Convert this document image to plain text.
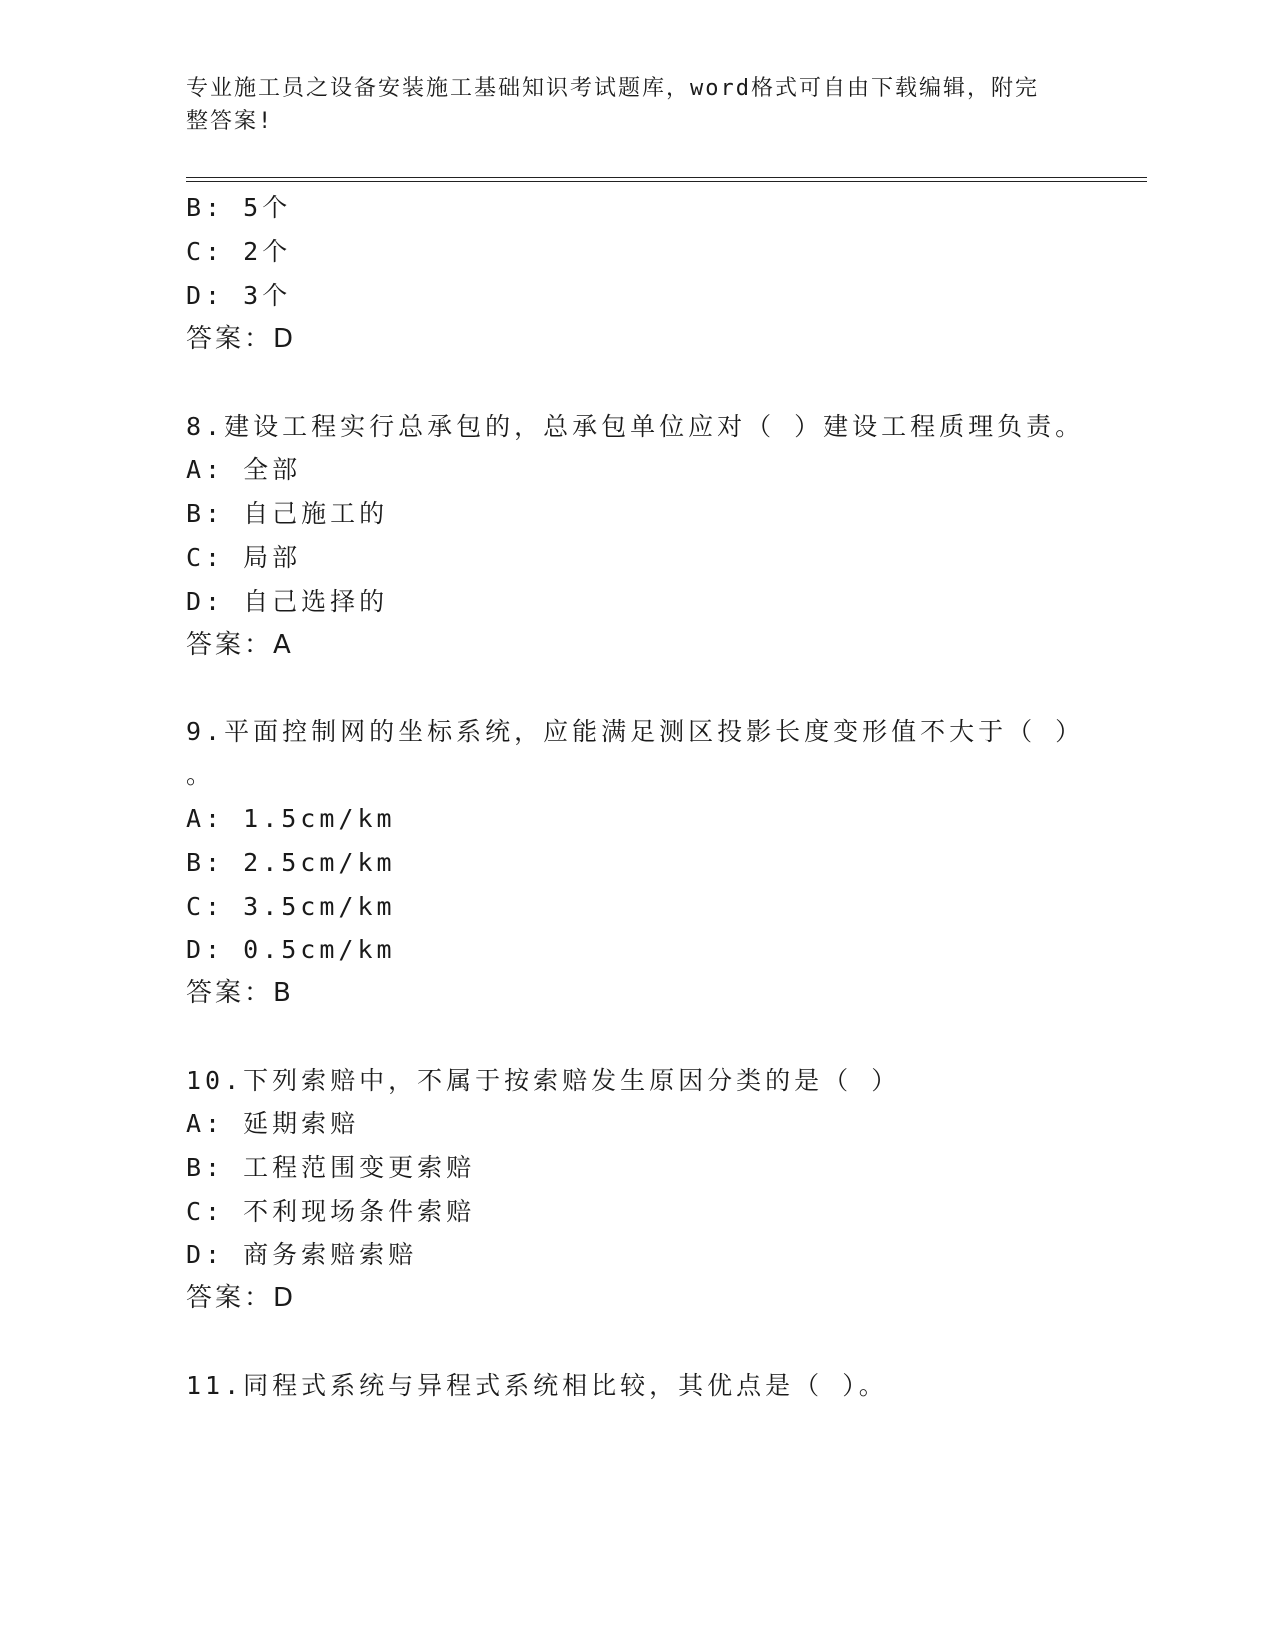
专业施工员之设备安装施工基础知识考试题库，word格式可自由下载编辑，附完
整答案!
B: 5个
C: 2个
D: 3个
答案：D
8.建设工程实行总承包的，总承包单位应对（ ）建设工程质理负责。
A: 全部
B: 自己施工的
C: 局部
D: 自己选择的
答案：A
9.平面控制网的坐标系统，应能满足测区投影长度变形值不大于（ ）
。
A: 1.5cm/km
B: 2.5cm/km
C: 3.5cm/km
D: 0.5cm/km
答案：B
10.下列索赔中，不属于按索赔发生原因分类的是（ ）
A: 延期索赔
B: 工程范围变更索赔
C: 不利现场条件索赔
D: 商务索赔索赔
答案：D
11.同程式系统与异程式系统相比较，其优点是（ ）。
